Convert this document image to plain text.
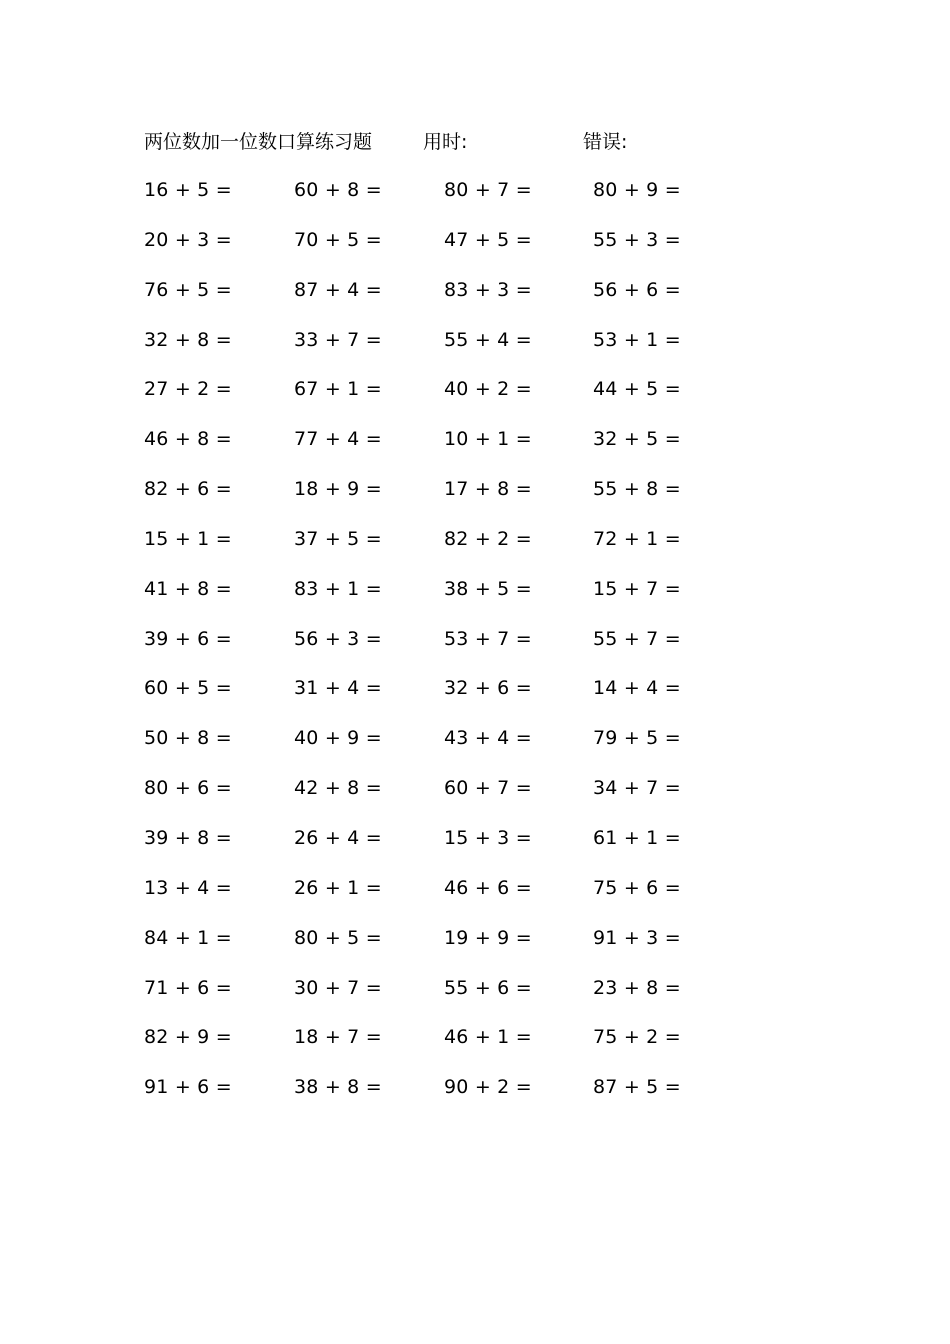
两位数加一位数口算练习题	用时:	错误:
16 + 5 =	60 + 8 =	80 + 7 =	80 + 9 =
20 + 3 =	70 + 5 =	47 + 5 =	55 + 3 =
76 + 5 =	87 + 4 =	83 + 3 =	56 + 6 =
32 + 8 =	33 + 7 =	55 + 4 =	53 + 1 =
27 + 2 =	67 + 1 =	40 + 2 =	44 + 5 =
46 + 8 =	77 + 4 =	10 + 1 =	32 + 5 =
82 + 6 =	18 + 9 =	17 + 8 =	55 + 8 =
15 + 1 =	37 + 5 =	82 + 2 =	72 + 1 =
41 + 8 =	83 + 1 =	38 + 5 =	15 + 7 =
39 + 6 =	56 + 3 =	53 + 7 =	55 + 7 =
60 + 5 =	31 + 4 =	32 + 6 =	14 + 4 =
50 + 8 =	40 + 9 =	43 + 4 =	79 + 5 =
80 + 6 =	42 + 8 =	60 + 7 =	34 + 7 =
39 + 8 =	26 + 4 =	15 + 3 =	61 + 1 =
13 + 4 =	26 + 1 =	46 + 6 =	75 + 6 =
84 + 1 =	80 + 5 =	19 + 9 =	91 + 3 =
71 + 6 =	30 + 7 =	55 + 6 =	23 + 8 =
82 + 9 =	18 + 7 =	46 + 1 =	75 + 2 =
91 + 6 =	38 + 8 =	90 + 2 =	87 + 5 =
